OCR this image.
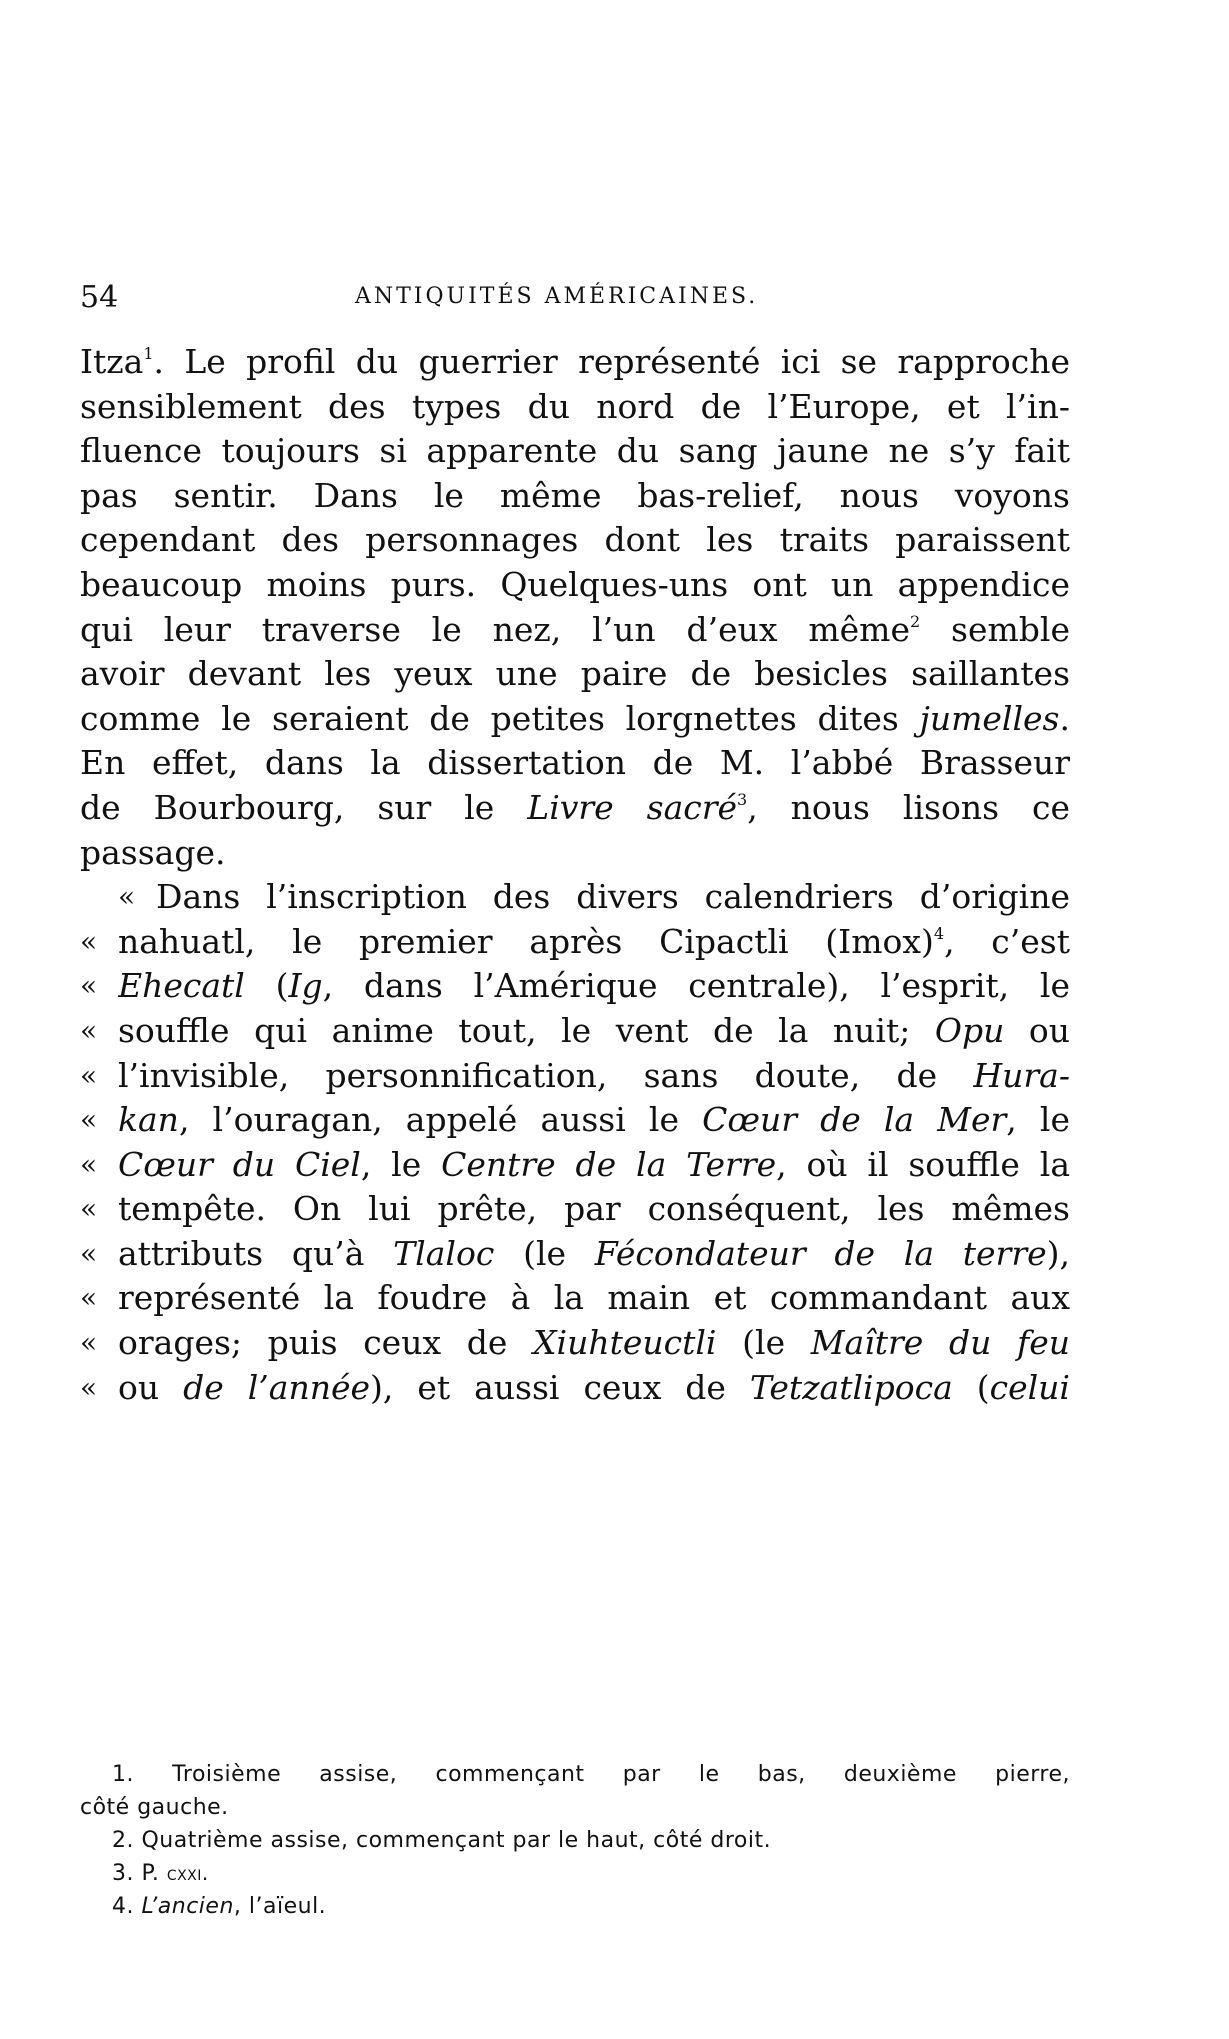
54	ANTIQUITÉS AMÉRICAINES.
Itza$^1$. Le profil du guerrier représenté ici se rapproche
sensiblement des types du nord de l’Europe, et l’in-
fluence toujours si apparente du sang jaune ne s’y fait
pas sentir. Dans le même bas-relief, nous voyons
cependant des personnages dont les traits paraissent
beaucoup moins purs. Quelques-uns ont un appendice
qui leur traverse le nez, l’un d’eux même$^2$ semble
avoir devant les yeux une paire de besicles saillantes
comme le seraient de petites lorgnettes dites jumelles.
En effet, dans la dissertation de M. l’abbé Brasseur
de Bourbourg, sur le Livre sacré$^3$, nous lisons ce
passage.
« Dans l’inscription des divers calendriers d’origine
« nahuatl, le premier après Cipactli (Imox)$^4$, c’est
« Ehecatl (Ig, dans l’Amérique centrale), l’esprit, le
« souffle qui anime tout, le vent de la nuit; Opu ou
« l’invisible, personnification, sans doute, de Hura-
« kan, l’ouragan, appelé aussi le Cœur de la Mer, le
« Cœur du Ciel, le Centre de la Terre, où il souffle la
« tempête. On lui prête, par conséquent, les mêmes
« attributs qu’à Tlaloc (le Fécondateur de la terre),
« représenté la foudre à la main et commandant aux
« orages; puis ceux de Xiuhteuctli (le Maître du feu
« ou de l’année), et aussi ceux de Tetzatlipoca (celui
1. Troisième assise, commençant par le bas, deuxième pierre,
côté gauche.
2. Quatrième assise, commençant par le haut, côté droit.
3. P. cxxi.
4. L’ancien, l’aïeul.
